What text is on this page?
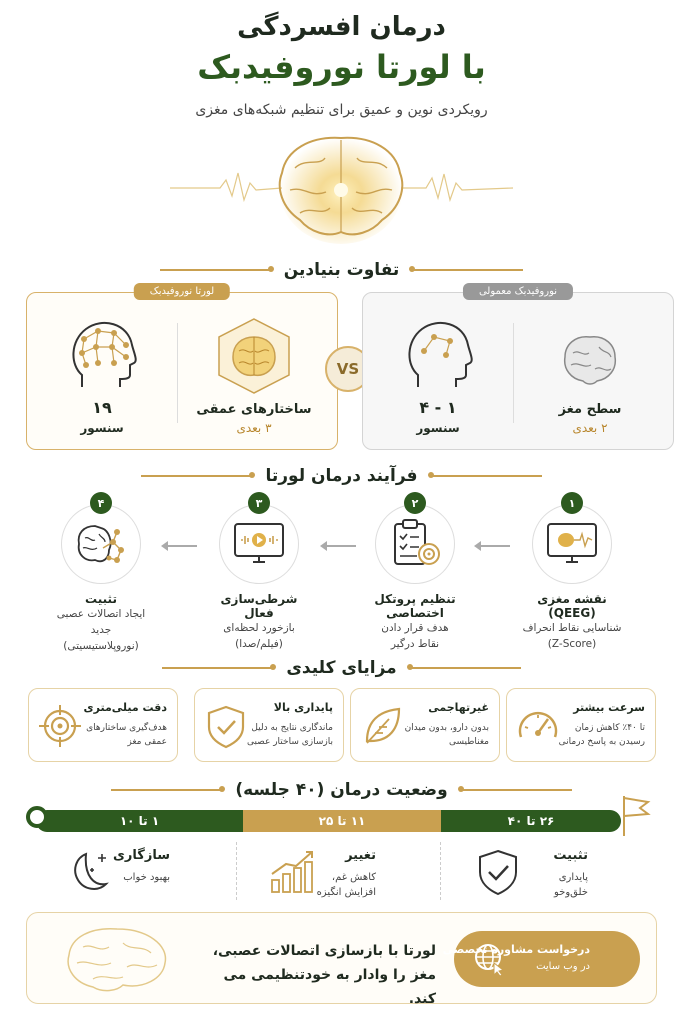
درمان افسردگی
با لورتا نوروفیدبک
رویکردی نوین و عمیق برای تنظیم شبکه‌های مغزی
تفاوت بنیادین
لورتا نوروفیدبک
ساختارهای عمقی
۳ بعدی
۱۹
سنسور
VS
نوروفیدبک معمولی
سطح مغز
۲ بعدی
۱ - ۴
سنسور
فرآیند درمان لورتا
۱
نقشه مغزی (QEEG)
شناسایی نقاط انحراف
(Z-Score)
۲
تنظیم پروتکل اختصاصی
هدف قرار دادن
نقاط درگیر
۳
شرطی‌سازی فعال
بازخورد لحظه‌ای
(فیلم/صدا)
۴
تثبیت
ایجاد اتصالات عصبی جدید
(نوروپلاستیسیتی)
مزایای کلیدی
سرعت بیشتر
تا ۴۰٪ کاهش زمان رسیدن به پاسخ درمانی
غیرتهاجمی
بدون دارو، بدون میدان مغناطیسی
پایداری بالا
ماندگاری نتایج به دلیل بازسازی ساختار عصبی
دقت میلی‌متری
هدف‌گیری ساختارهای عمقی مغز
وضعیت درمان (۴۰ جلسه)
۲۶ تا ۴۰
۱۱ تا ۲۵
۱ تا ۱۰
تثبیت
پایداری
خلق‌وخو
تغییر
کاهش غم،
افزایش انگیزه
سازگاری
بهبود خواب
لورتا با بازسازی اتصالات عصبی،
مغز را وادار به خودتنظیمی می کند.
درخواست مشاوره تخصصی
در وب سایت
